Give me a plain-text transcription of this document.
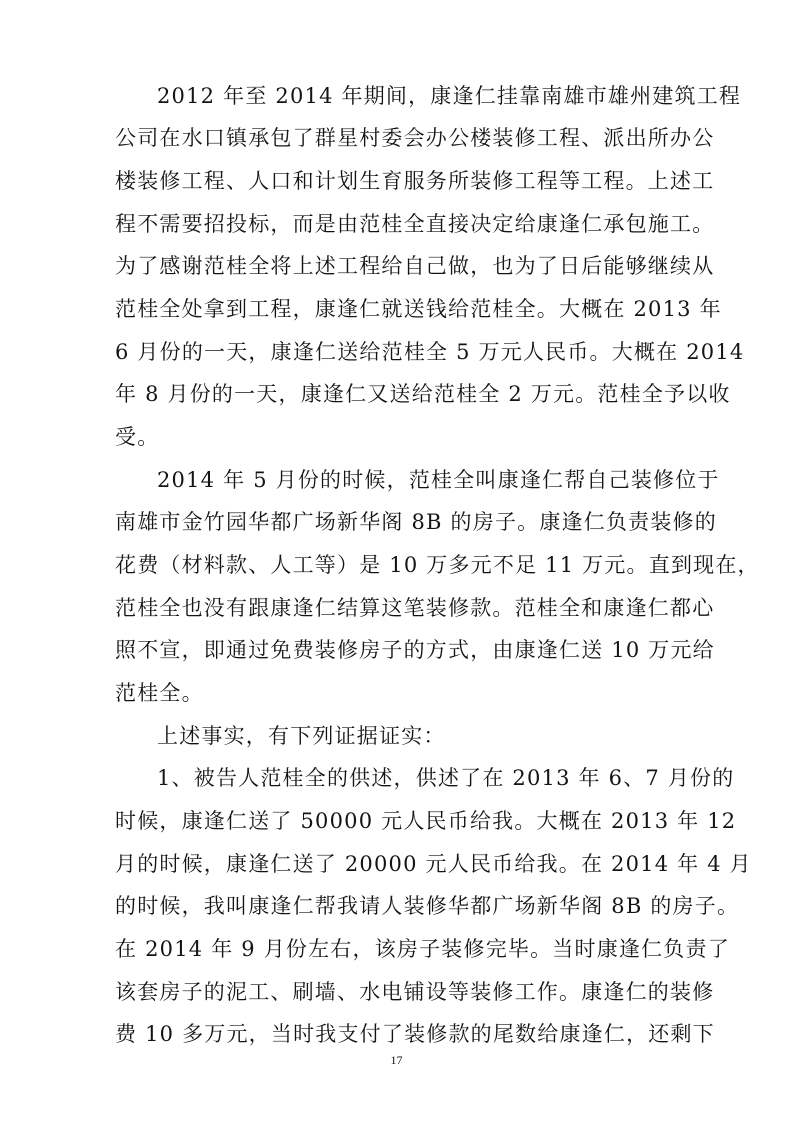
2012 年至 2014 年期间，康逢仁挂靠南雄市雄州建筑工程
公司在水口镇承包了群星村委会办公楼装修工程、派出所办公
楼装修工程、人口和计划生育服务所装修工程等工程。上述工
程不需要招投标，而是由范桂全直接决定给康逢仁承包施工。
为了感谢范桂全将上述工程给自己做，也为了日后能够继续从
范桂全处拿到工程，康逢仁就送钱给范桂全。大概在 2013 年
6 月份的一天，康逢仁送给范桂全 5 万元人民币。大概在 2014
年 8 月份的一天，康逢仁又送给范桂全 2 万元。范桂全予以收
受。
2014 年 5 月份的时候，范桂全叫康逢仁帮自己装修位于
南雄市金竹园华都广场新华阁 8B 的房子。康逢仁负责装修的
花费（材料款、人工等）是 10 万多元不足 11 万元。直到现在，
范桂全也没有跟康逢仁结算这笔装修款。范桂全和康逢仁都心
照不宣，即通过免费装修房子的方式，由康逢仁送 10 万元给
范桂全。
上述事实，有下列证据证实：
1、被告人范桂全的供述，供述了在 2013 年 6、7 月份的
时候，康逢仁送了 50000 元人民币给我。大概在 2013 年 12
月的时候，康逢仁送了 20000 元人民币给我。在 2014 年 4 月
的时候，我叫康逢仁帮我请人装修华都广场新华阁 8B 的房子。
在 2014 年 9 月份左右，该房子装修完毕。当时康逢仁负责了
该套房子的泥工、刷墙、水电铺设等装修工作。康逢仁的装修
费 10 多万元，当时我支付了装修款的尾数给康逢仁，还剩下
17
